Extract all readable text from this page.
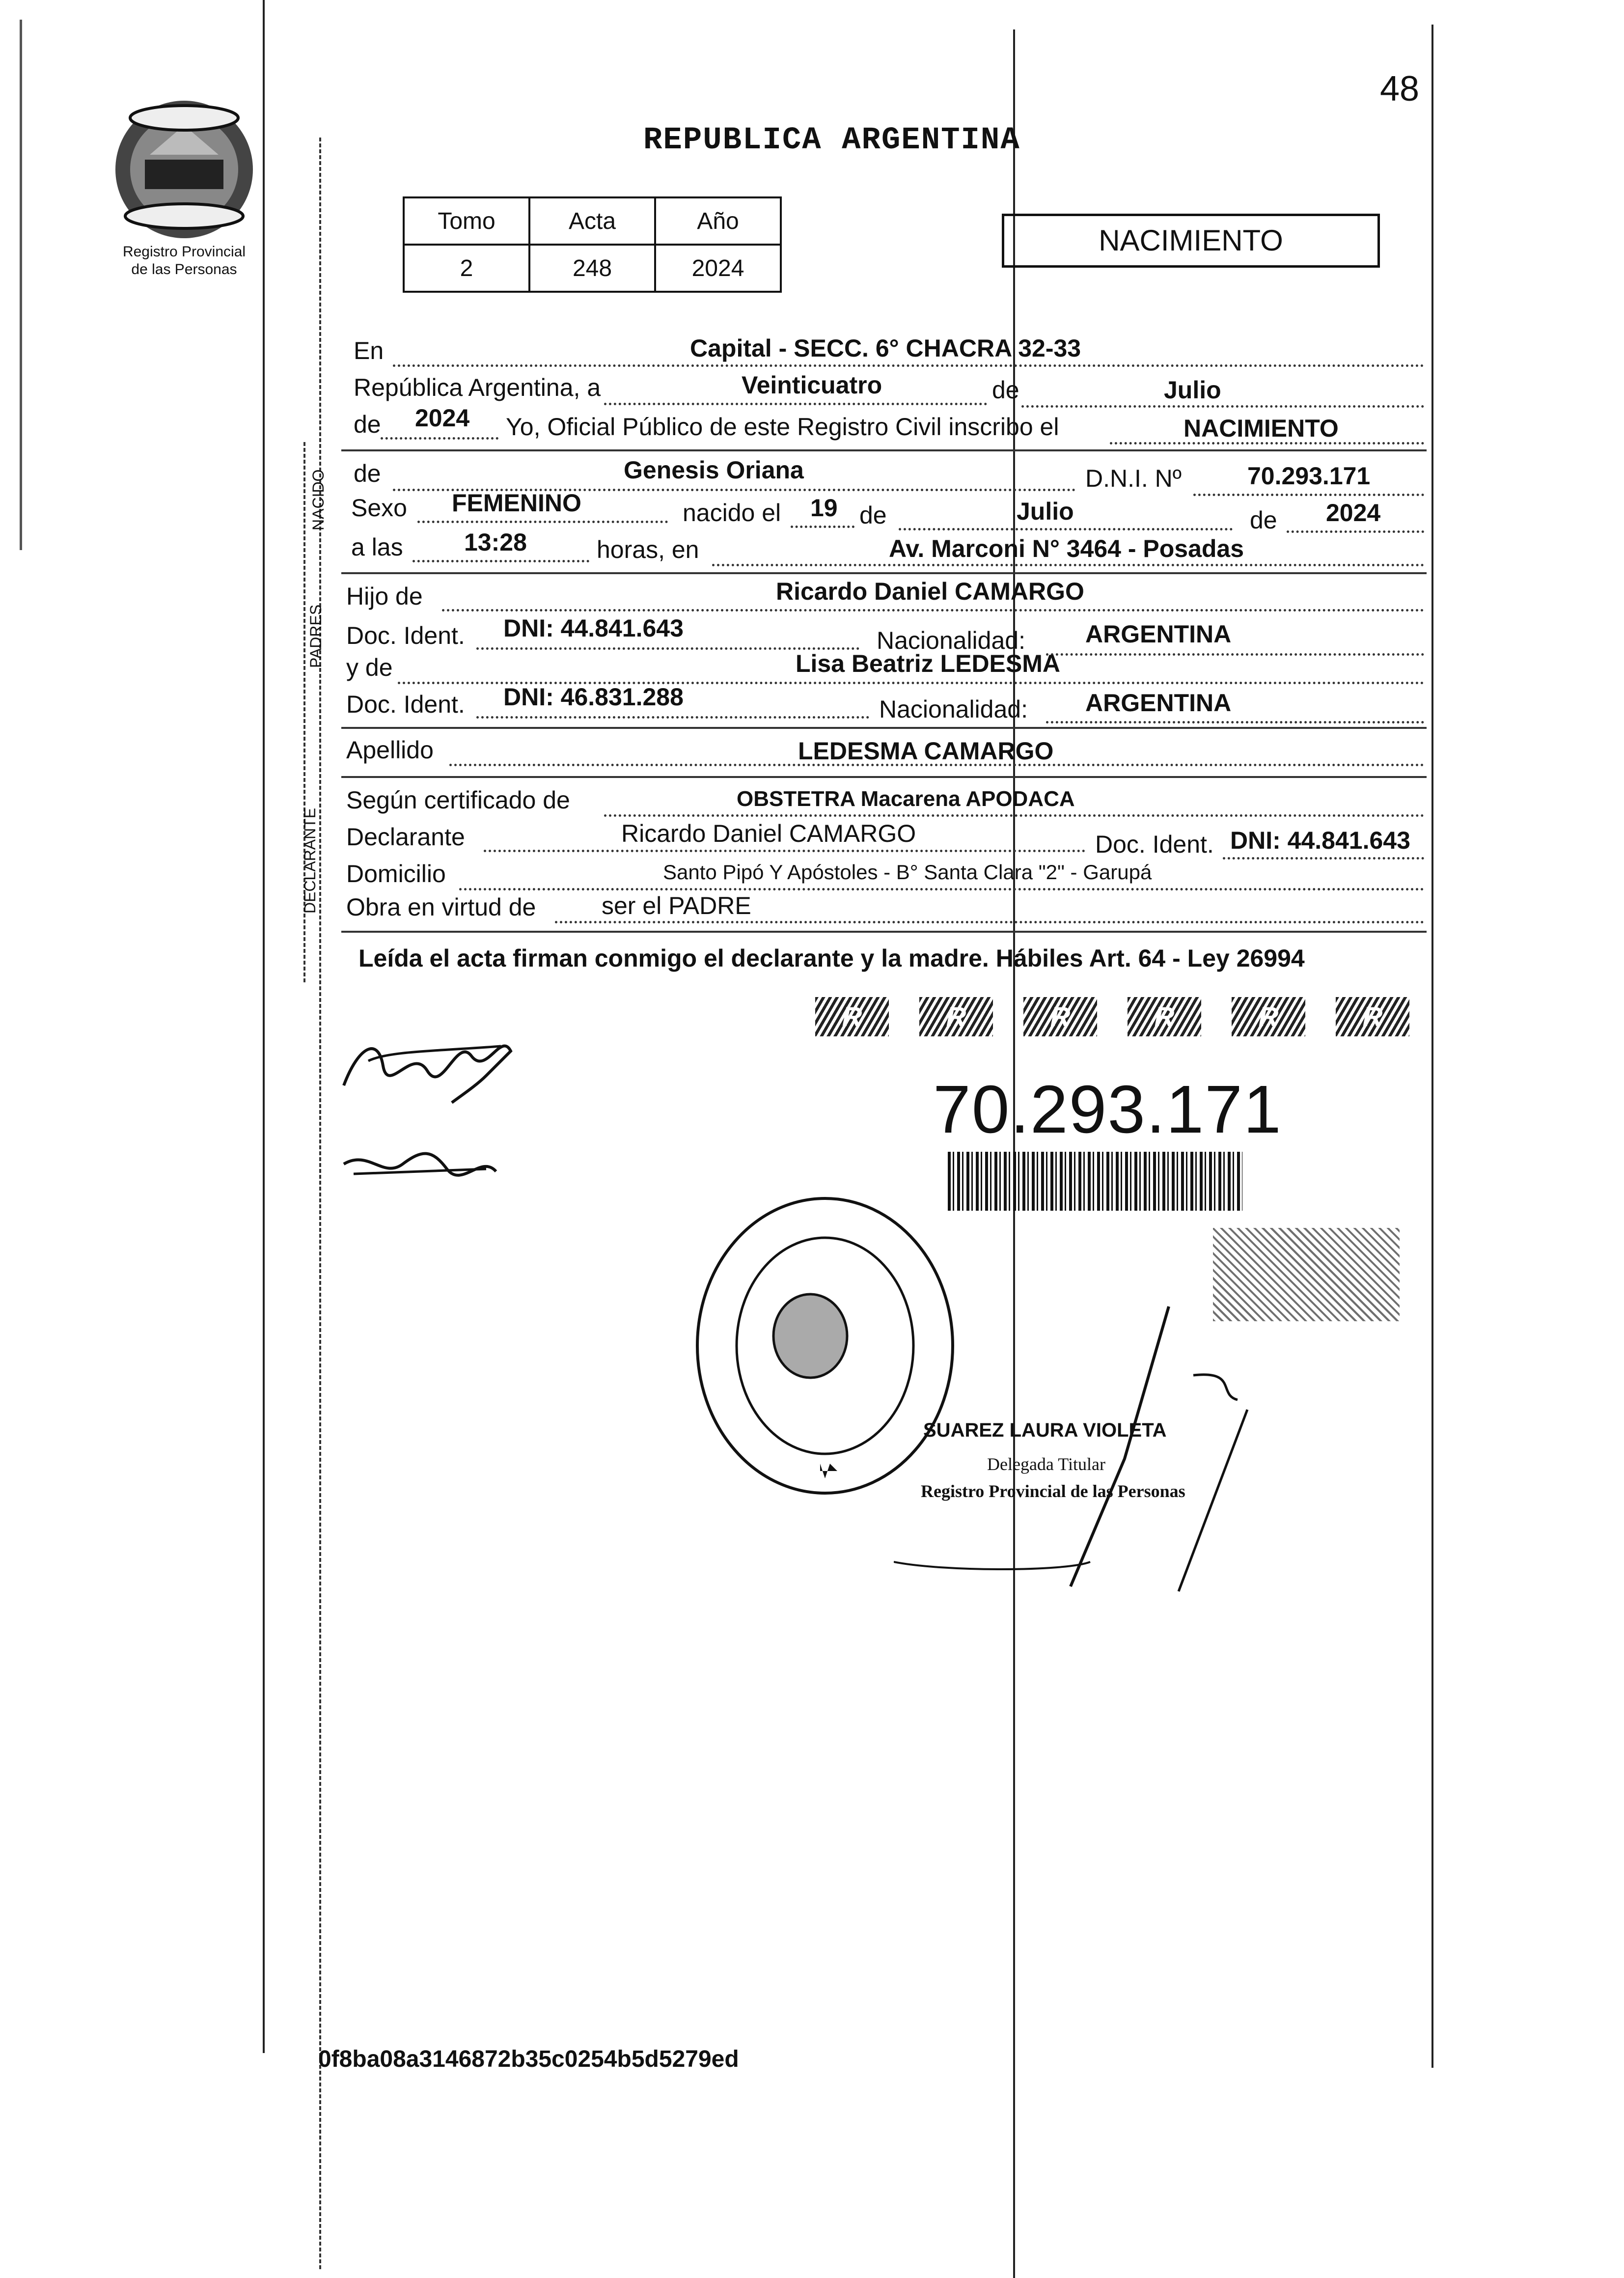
Registro Provincial
de las Personas
48
REPUBLICA ARGENTINA
Tomo	Acta	Año
2	248	2024
NACIMIENTO
NACIDO
PADRES
DECLARANTE
En	Capital - SECC. 6° CHACRA 32-33
República Argentina, a	Veinticuatro	de	Julio
de 2024 Yo, Oficial Público de este Registro Civil inscribo el	NACIMIENTO
de	Genesis Oriana	D.N.I. Nº	70.293.171
Sexo FEMENINO	nacido el 19 de	Julio	de 2024
a las 13:28	horas, en	Av. Marconi N° 3464 - Posadas
Hijo de	Ricardo Daniel CAMARGO
Doc. Ident. DNI: 44.841.643	Nacionalidad: ARGENTINA
y de	Lisa Beatriz LEDESMA
Doc. Ident. DNI: 46.831.288	Nacionalidad: ARGENTINA
Apellido	LEDESMA CAMARGO
Según certificado de	OBSTETRA Macarena APODACA
Declarante	Ricardo Daniel CAMARGO	Doc. Ident. DNI: 44.841.643
Domicilio	Santo Pipó Y Apóstoles - B° Santa Clara "2" - Garupá
Obra en virtud de	ser el PADRE
Leída el acta firman conmigo el declarante y la madre. Hábiles Art. 64 - Ley 26994
R	R	R	R	R	R
70.293.171
SUAREZ LAURA VIOLETA
Delegada Titular
Registro Provincial de las Personas
0f8ba08a3146872b35c0254b5d5279ed
